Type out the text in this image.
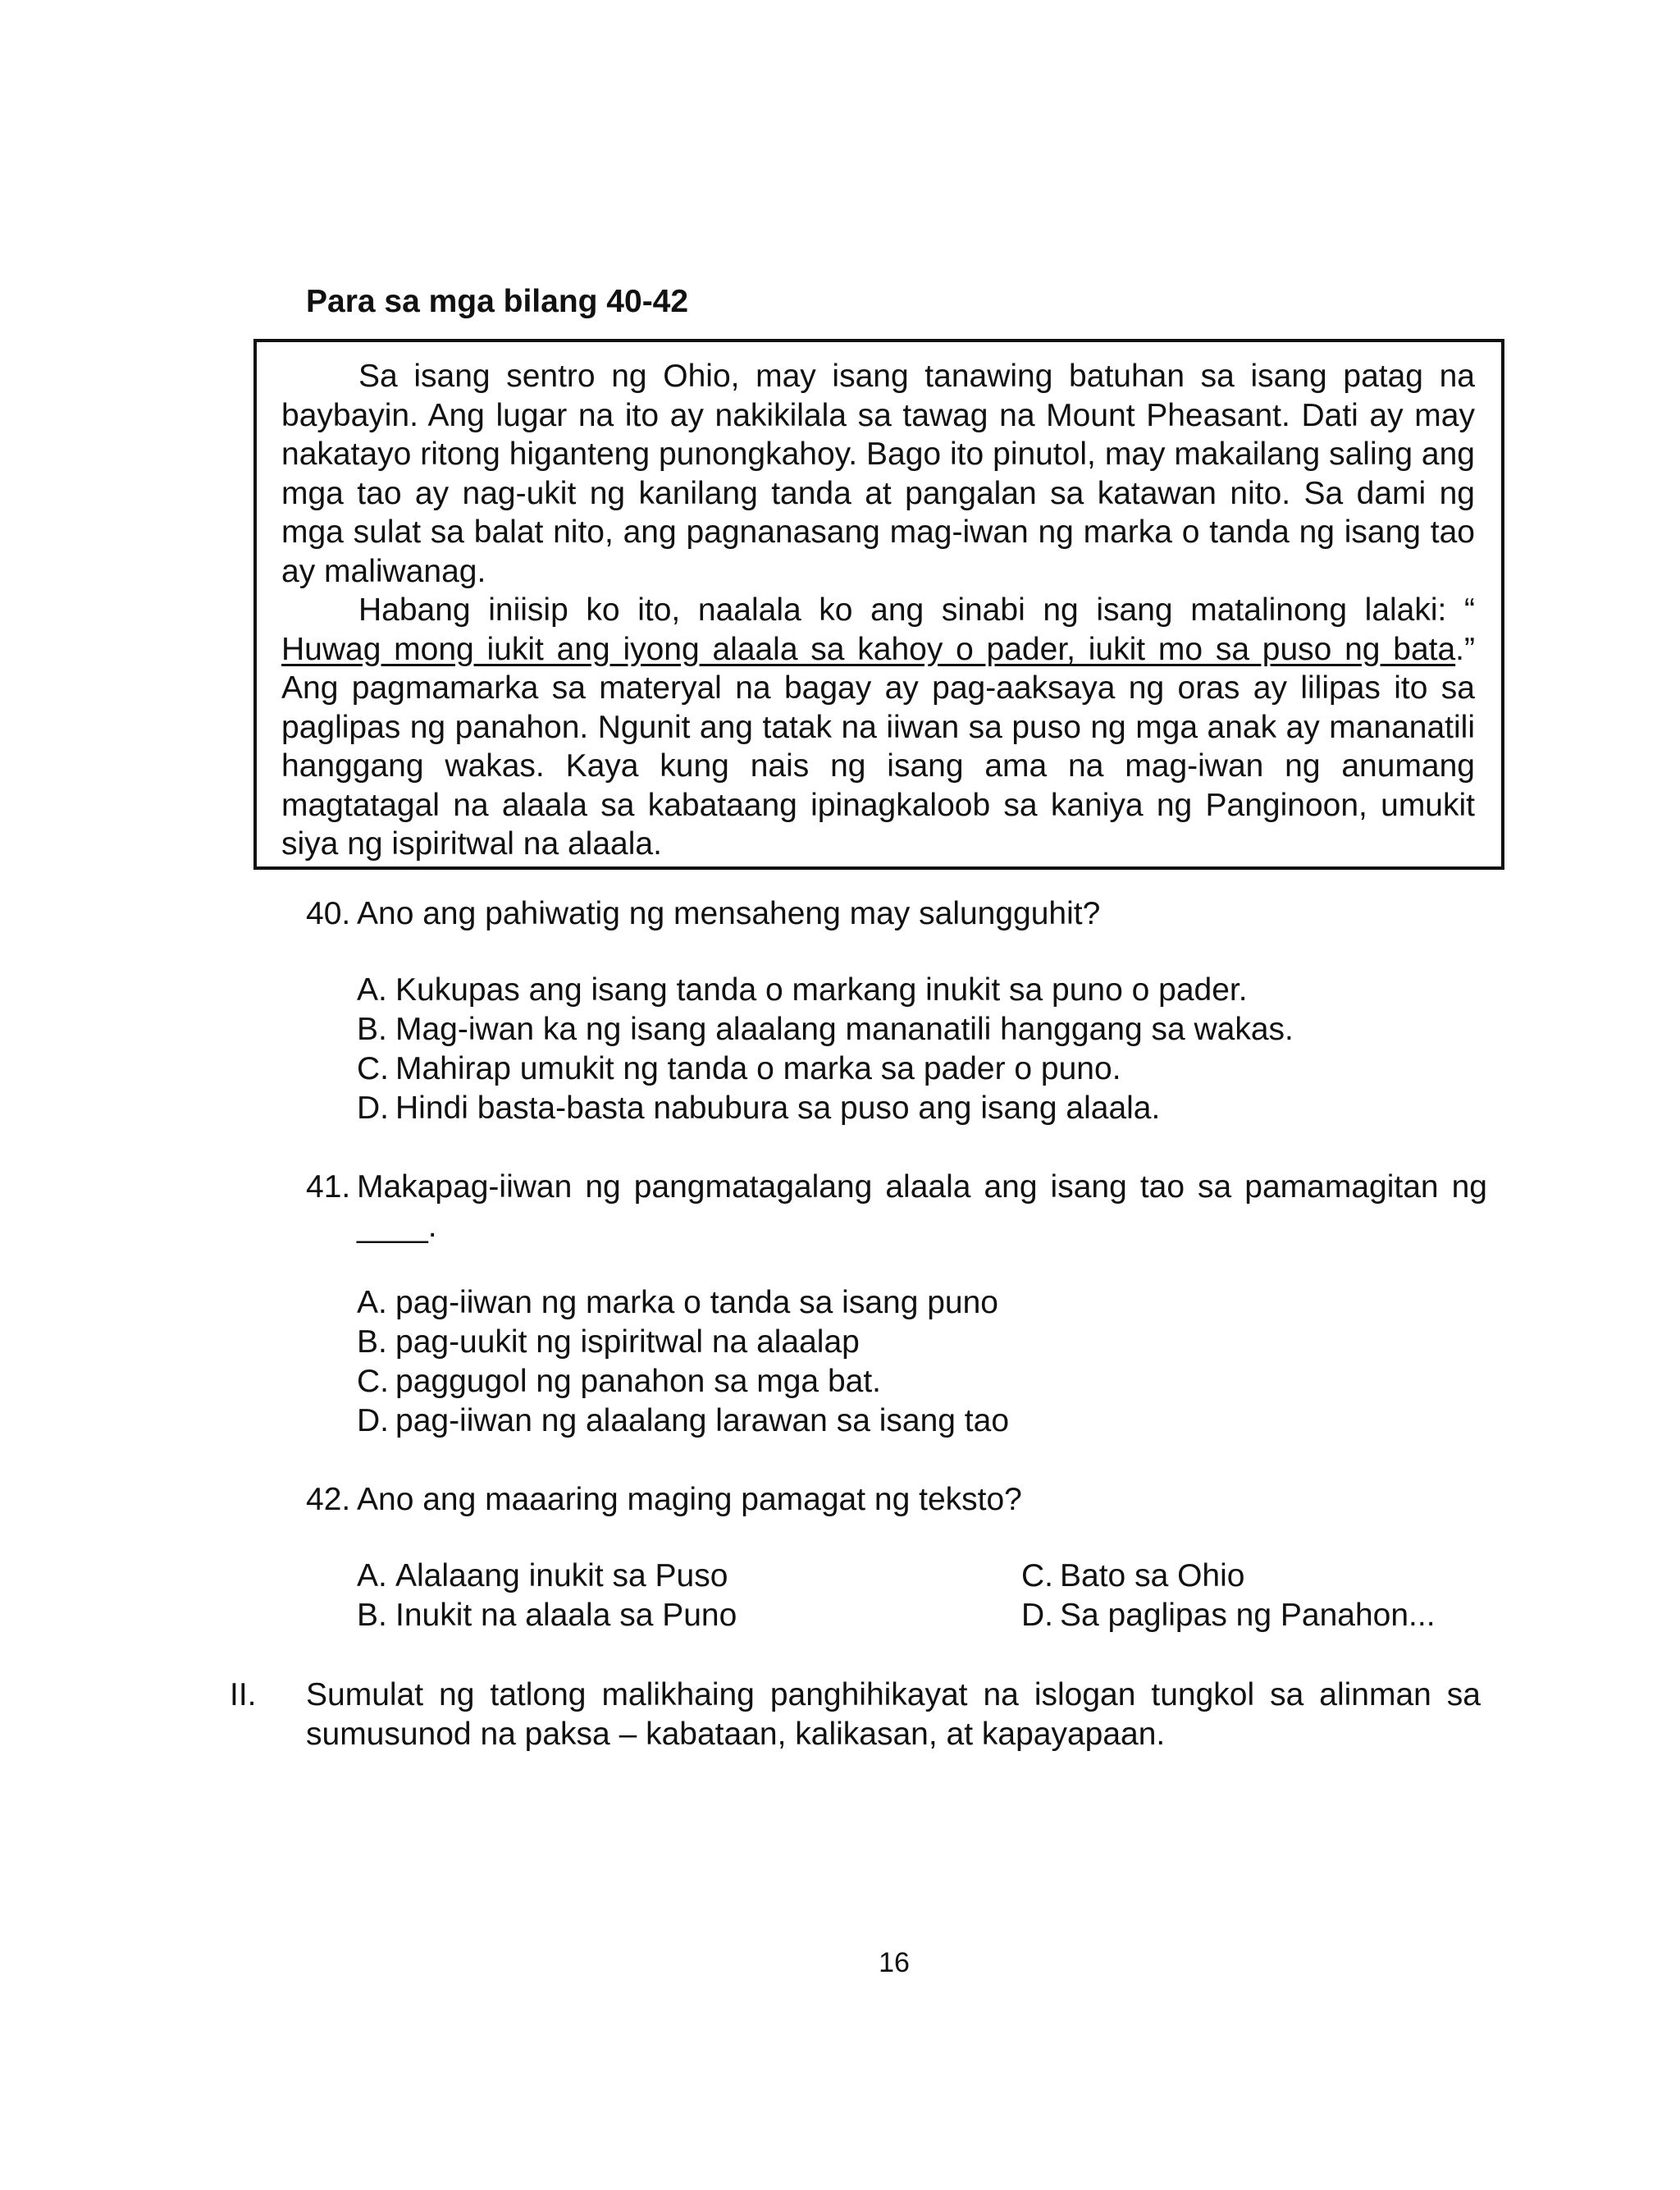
Para sa mga bilang 40-42

Sa isang sentro ng Ohio, may isang tanawing batuhan sa isang patag na baybayin. Ang lugar na ito ay nakikilala sa tawag na Mount Pheasant. Dati ay may nakatayo ritong higanteng punongkahoy. Bago ito pinutol, may makailang saling ang mga tao ay nag-ukit ng kanilang tanda at pangalan sa katawan nito. Sa dami ng mga sulat sa balat nito, ang pagnanasang mag-iwan ng marka o tanda ng isang tao ay maliwanag.

Habang iniisip ko ito, naalala ko ang sinabi ng isang matalinong lalaki: “ Huwag mong iukit ang iyong alaala sa kahoy o pader, iukit mo sa puso ng bata.” Ang pagmamarka sa materyal na bagay ay pag-aaksaya ng oras ay lilipas ito sa paglipas ng panahon. Ngunit ang tatak na iiwan sa puso ng mga anak ay mananatili hanggang wakas. Kaya kung nais ng isang ama na mag-iwan ng anumang magtatagal na alaala sa kabataang ipinagkaloob sa kaniya ng Panginoon, umukit siya ng ispiritwal na alaala.

40. Ano ang pahiwatig ng mensaheng may salungguhit?

A. Kukupas ang isang tanda o markang inukit sa puno o pader.
B. Mag-iwan ka ng isang alaalang mananatili hanggang sa wakas.
C. Mahirap umukit ng tanda o marka sa pader o puno.
D. Hindi basta-basta nabubura sa puso ang isang alaala.

41. Makapag-iiwan ng pangmatagalang alaala ang isang tao sa pamamagitan ng ____.

A. pag-iiwan ng marka o tanda sa isang puno
B. pag-uukit ng ispiritwal na alaalap
C. paggugol ng panahon sa mga bat.
D. pag-iiwan ng alaalang larawan sa isang tao

42. Ano ang maaaring maging pamagat ng teksto?

A. Alalaang inukit sa Puso	C. Bato sa Ohio
B. Inukit na alaala sa Puno	D. Sa paglipas ng Panahon...
II.	Sumulat ng tatlong malikhaing panghihikayat na islogan tungkol sa alinman sa sumusunod na paksa – kabataan, kalikasan, at kapayapaan.
16
